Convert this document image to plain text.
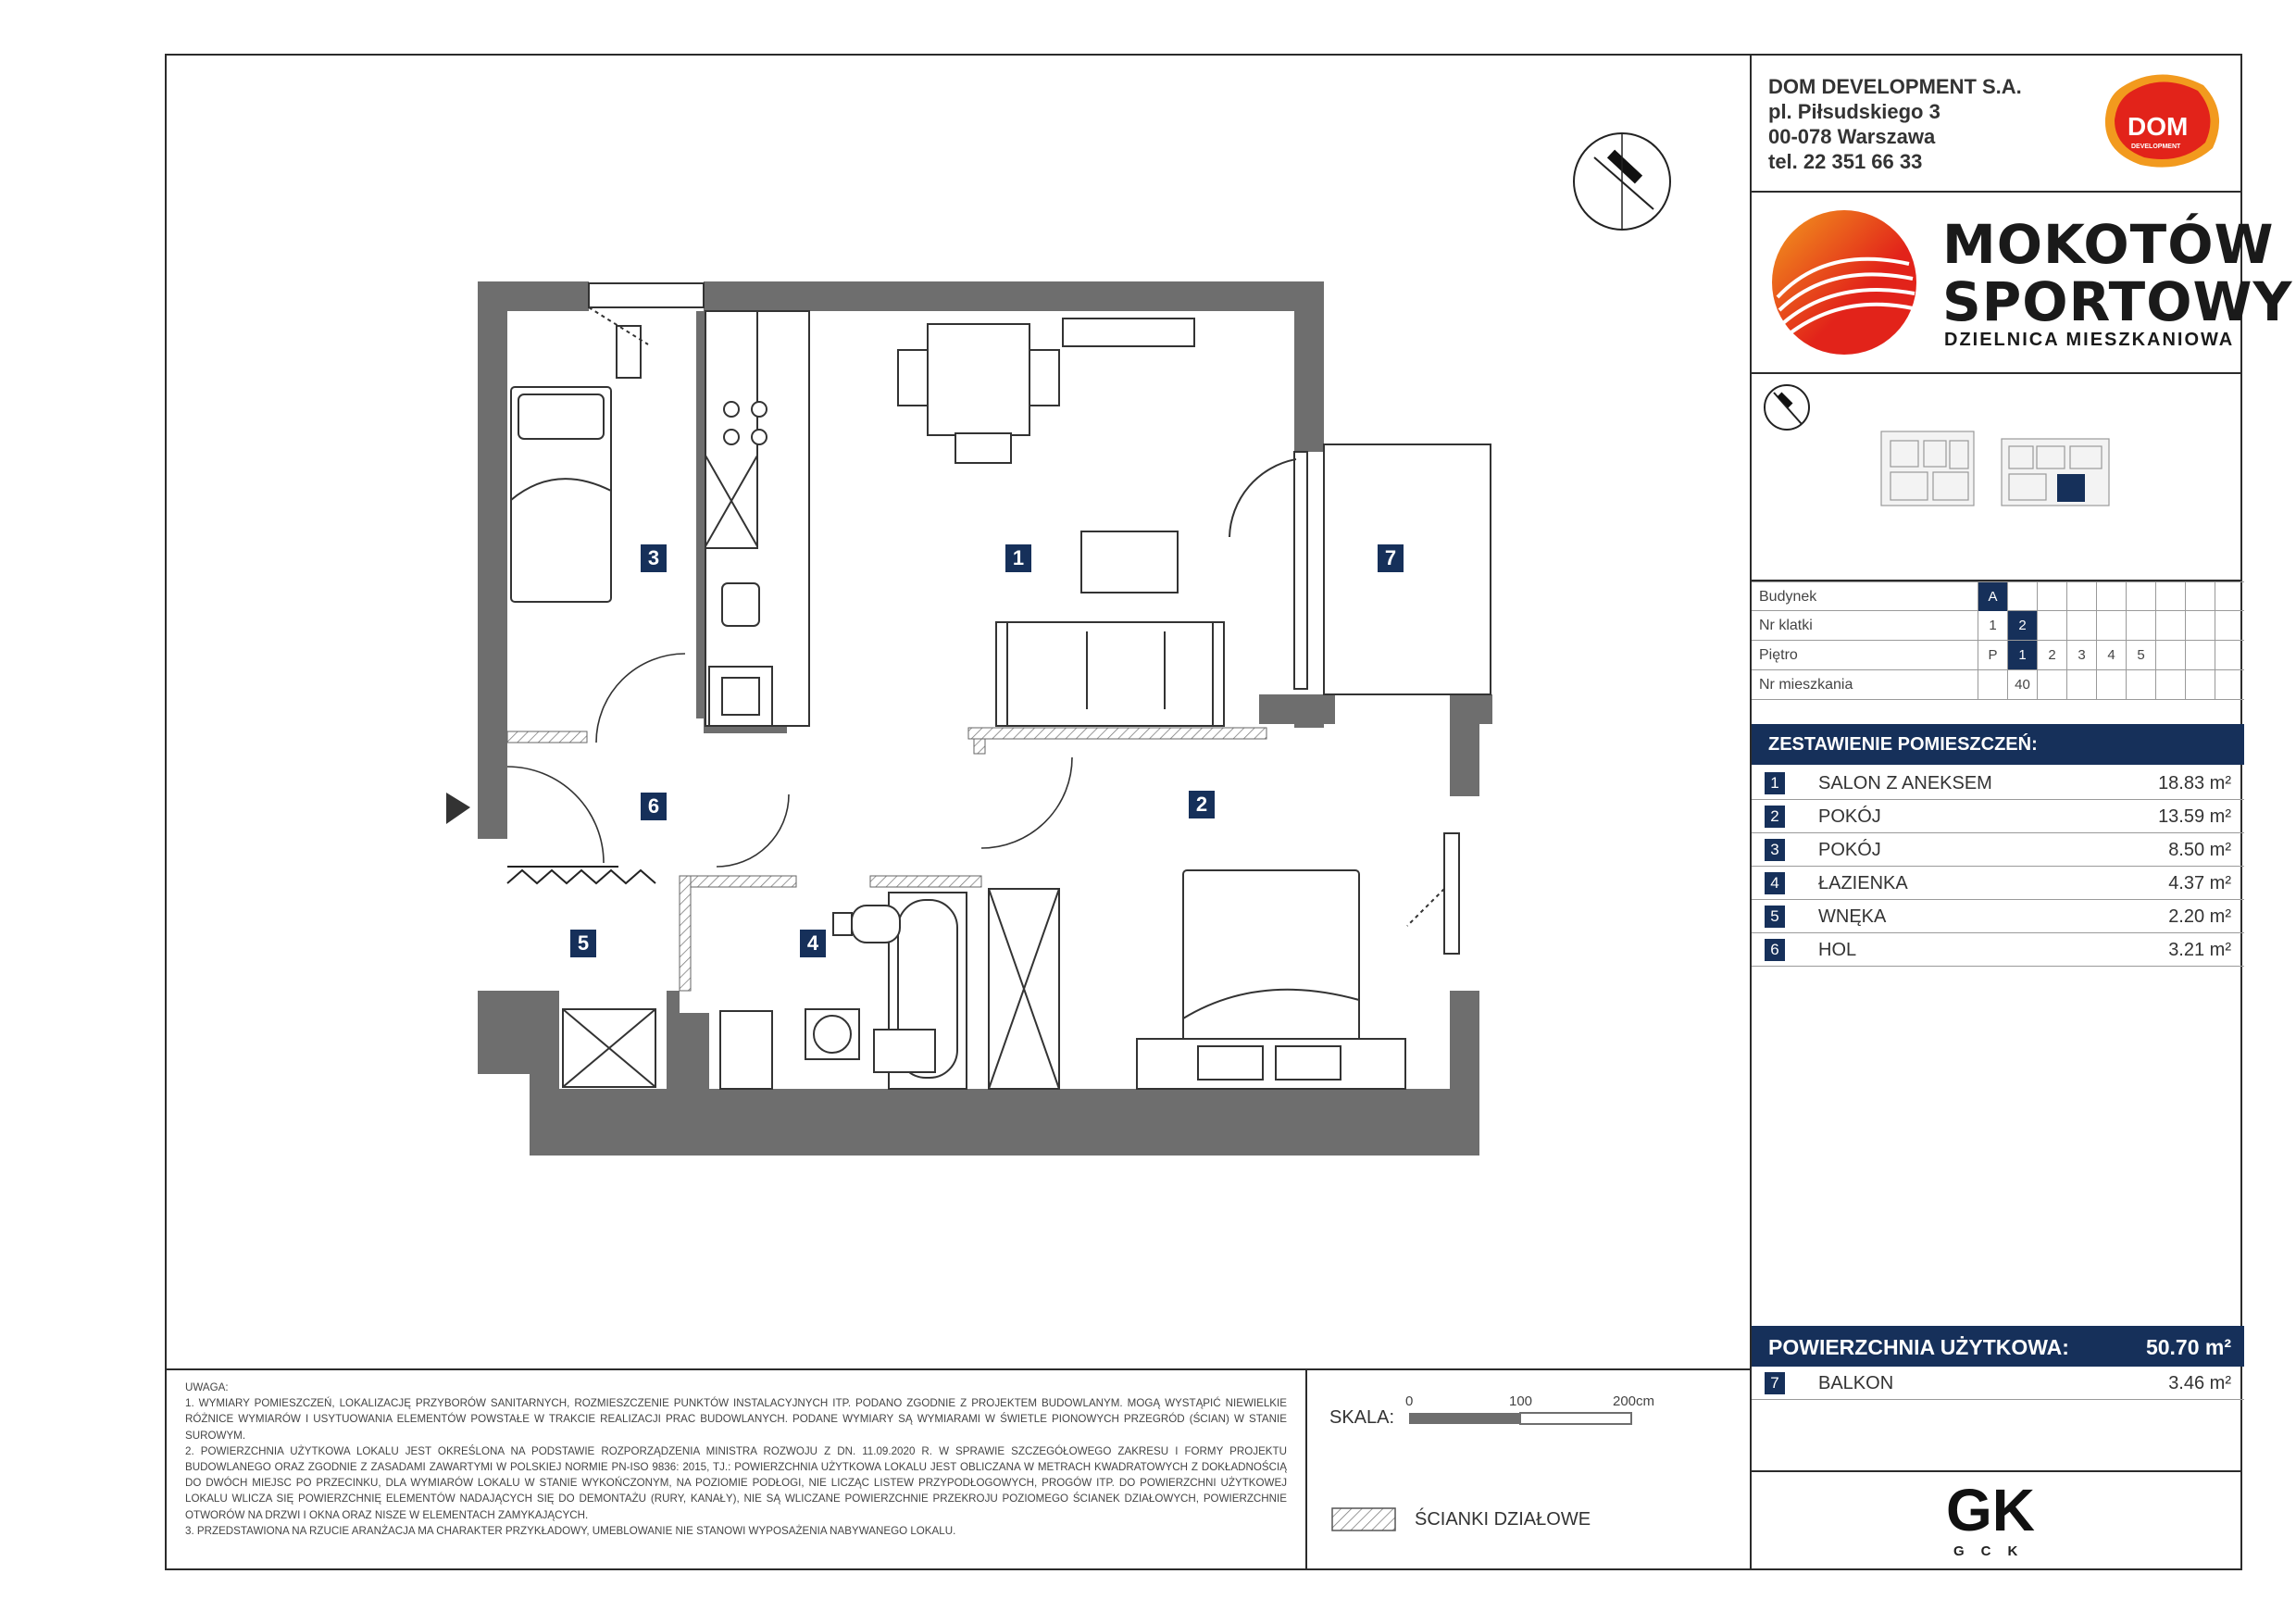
1
2
3
4
5
6
7

UWAGA:

1. WYMIARY POMIESZCZEŃ, LOKALIZACJĘ PRZYBORÓW SANITARNYCH, ROZMIESZCZENIE PUNKTÓW INSTALACYJNYCH ITP. PODANO ZGODNIE Z PROJEKTEM BUDOWLANYM. MOGĄ WYSTĄPIĆ NIEWIELKIE RÓŻNICE WYMIARÓW I USYTUOWANIA ELEMENTÓW POWSTAŁE W TRAKCIE REALIZACJI PRAC BUDOWLANYCH. PODANE WYMIARY SĄ WYMIARAMI W ŚWIETLE PIONOWYCH PRZEGRÓD (ŚCIAN) W STANIE SUROWYM.

2. POWIERZCHNIA UŻYTKOWA LOKALU JEST OKREŚLONA NA PODSTAWIE ROZPORZĄDZENIA MINISTRA ROZWOJU Z DN. 11.09.2020 R. W SPRAWIE SZCZEGÓŁOWEGO ZAKRESU I FORMY PROJEKTU BUDOWLANEGO ORAZ ZGODNIE Z ZASADAMI ZAWARTYMI W POLSKIEJ NORMIE PN-ISO 9836: 2015, TJ.: POWIERZCHNIA UŻYTKOWA LOKALU JEST OBLICZANA W METRACH KWADRATOWYCH Z DOKŁADNOŚCIĄ DO DWÓCH MIEJSC PO PRZECINKU, DLA WYMIARÓW LOKALU W STANIE WYKOŃCZONYM, NA POZIOMIE PODŁOGI, NIE LICZĄC LISTEW PRZYPODŁOGOWYCH, PROGÓW ITP. DO POWIERZCHNI UŻYTKOWEJ LOKALU WLICZA SIĘ POWIERZCHNIĘ ELEMENTÓW NADAJĄCYCH SIĘ DO DEMONTAŻU (RURY, KANAŁY), NIE SĄ WLICZANE POWIERZCHNIE PRZEKROJU POZIOMEGO ŚCIANEK DZIAŁOWYCH, POWIERZCHNIE OTWORÓW NA DRZWI I OKNA ORAZ NISZE W ELEMENTACH ZAMYKAJĄCYCH.

3. PRZEDSTAWIONA NA RZUCIE ARANŻACJA MA CHARAKTER PRZYKŁADOWY, UMEBLOWANIE NIE STANOWI WYPOSAŻENIA NABYWANEGO LOKALU.

SKALA:
0	100	200cm
ŚCIANKI DZIAŁOWE
DOM DEVELOPMENT S.A.
pl. Piłsudskiego 3
00-078 Warszawa
tel. 22 351 66 33
DOM
DEVELOPMENT
MOKOTÓW
SPORTOWY
DZIELNICA MIESZKANIOWA
Budynek	A
Nr klatki	1	2
Piętro	P	1	2	3	4	5
Nr mieszkania	40
ZESTAWIENIE POMIESZCZEŃ:
1	SALON Z ANEKSEM	18.83 m²
2	POKÓJ	13.59 m²
3	POKÓJ	8.50 m²
4	ŁAZIENKA	4.37 m²
5	WNĘKA	2.20 m²
6	HOL	3.21 m²
POWIERZCHNIA UŻYTKOWA:	50.70 m²
7	BALKON	3.46 m²
GK
GCK
